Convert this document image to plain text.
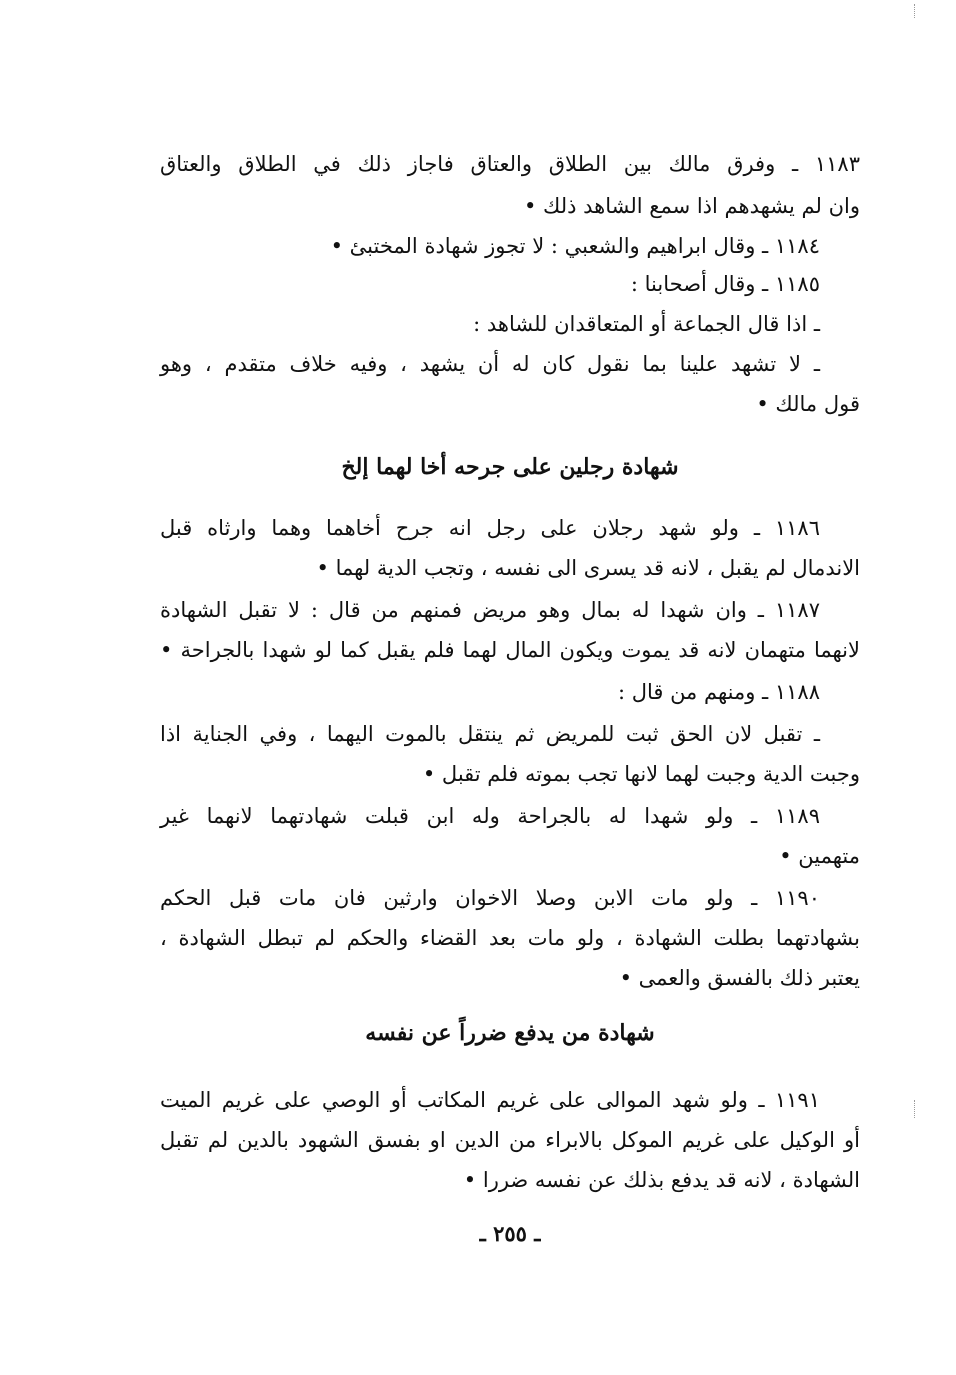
١١٨٣ ـ وفرق مالك بين الطلاق والعتاق فاجاز ذلك في الطلاق والعتاق
وان لم يشهدهم اذا سمع الشاهد ذلك •
١١٨٤ ـ وقال ابراهيم والشعبي : لا تجوز شهادة المختبئ •
١١٨٥ ـ وقال أصحابنا :
ـ اذا قال الجماعة أو المتعاقدان للشاهد :
ـ لا تشهد علينا بما نقول كان له أن يشهد ، وفيه خلاف متقدم ، وهو
قول مالك •
شهادة رجلين على جرحه أخا لهما إلخ
١١٨٦ ـ ولو شهد رجلان على رجل انه جرح أخاهما وهما وارثاه قبل
الاندمال لم يقبل ، لانه قد يسرى الى نفسه ، وتجب الدية لهما •
١١٨٧ ـ وان شهدا له بمال وهو مريض فمنهم من قال : لا تقبل الشهادة
لانهما متهمان لانه قد يموت ويكون المال لهما فلم يقبل كما لو شهدا بالجراحة •
١١٨٨ ـ ومنهم من قال :
ـ تقبل لان الحق ثبت للمريض ثم ينتقل بالموت اليهما ، وفي الجناية اذا
وجبت الدية وجبت لهما لانها تجب بموته فلم تقبل •
١١٨٩ ـ ولو شهدا له بالجراحة وله ابن قبلت شهادتهما لانهما غير
متهمين •
١١٩٠ ـ ولو مات الابن وصلا الاخوان وارثين فان مات قبل الحكم
بشهادتهما بطلت الشهادة ، ولو مات بعد القضاء والحكم لم تبطل الشهادة ،
يعتبر ذلك بالفسق والعمى •
شهادة من يدفع ضرراً عن نفسه
١١٩١ ـ ولو شهد الموالى على غريم المكاتب أو الوصي على غريم الميت
أو الوكيل على غريم الموكل بالابراء من الدين او بفسق الشهود بالدين لم تقبل
الشهادة ، لانه قد يدفع بذلك عن نفسه ضررا •
ـ ٢٥٥ ـ
